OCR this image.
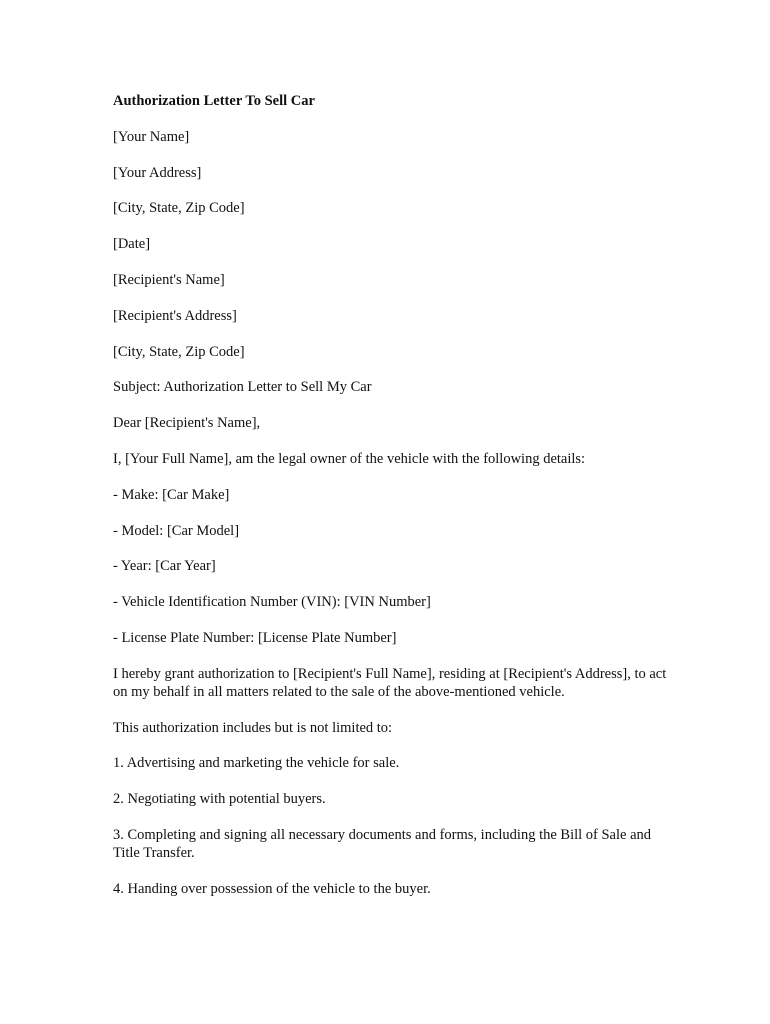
Authorization Letter To Sell Car

[Your Name]

[Your Address]

[City, State, Zip Code]

[Date]

[Recipient's Name]

[Recipient's Address]

[City, State, Zip Code]

Subject: Authorization Letter to Sell My Car

Dear [Recipient's Name],

I, [Your Full Name], am the legal owner of the vehicle with the following details:

- Make: [Car Make]

- Model: [Car Model]

- Year: [Car Year]

- Vehicle Identification Number (VIN): [VIN Number]

- License Plate Number: [License Plate Number]

I hereby grant authorization to [Recipient's Full Name], residing at [Recipient's Address], to act on my behalf in all matters related to the sale of the above-mentioned vehicle.

This authorization includes but is not limited to:

1. Advertising and marketing the vehicle for sale.

2. Negotiating with potential buyers.

3. Completing and signing all necessary documents and forms, including the Bill of Sale and Title Transfer.

4. Handing over possession of the vehicle to the buyer.
